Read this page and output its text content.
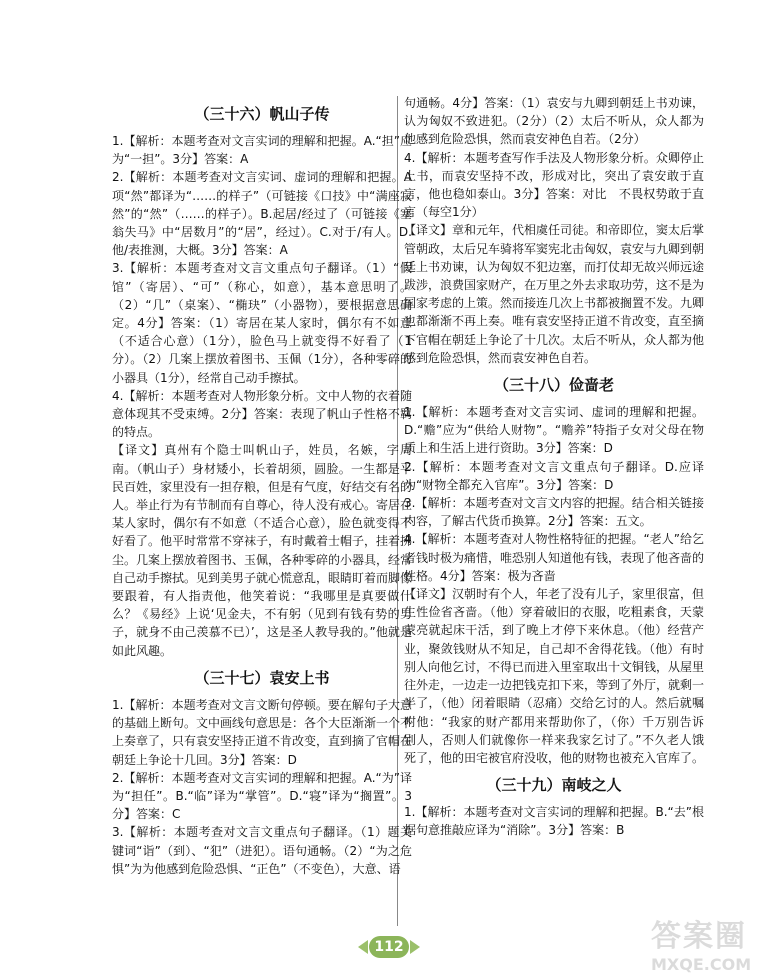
（三十六）帆山子传

1.【解析：本题考查对文言实词的理解和把握。A.“担”应为“一担”。3分】答案：A

2.【解析：本题考查对文言实词、虚词的理解和把握。A项“然”都译为“……的样子”（可链接《口技》中“满座寂然”的“然”（……的样子）。B.起居/经过了（可链接《塞翁失马》中“居数月”的“居”，经过）。C.对于/有人。D.他/表推测，大概。3分】答案：A

3.【解析：本题考查对文言文重点句子翻译。（1）“假馆”（寄居）、“可”（称心，如意），基本意思明了。（2）“几”（桌案）、“椭玦”（小器物），要根据意思确定。4分】答案：（1）寄居在某人家时，偶尔有不如意（不适合心意）（1分），脸色马上就变得不好看了（1分）。（2）几案上摆放着图书、玉佩（1分），各种零碎的小器具（1分），经常自己动手擦拭。

4.【解析：本题考查对人物形象分析。文中人物的衣着随意体现其不受束缚。2分】答案：表现了帆山子性格不羁的特点。

【译文】真州有个隐士叫帆山子，姓员，名嫉，字周南。（帆山子）身材矮小，长着胡须，圆脸。一生都是平民百姓，家里没有一担存粮，但是有气度，好结交有名的人。举止行为有节制而有自尊心，待人没有戒心。寄居在某人家时，偶尔有不如意（不适合心意），脸色就变得不好看了。他平时常常不穿袜子，有时戴着士帽子，挂着拂尘。几案上摆放着图书、玉佩，各种零碎的小器具，经常自己动手擦拭。见到美男子就心慌意乱，眼睛盯着而脚像要跟着，有人指责他，他笑着说：“我哪里是真要做什么？《易经》上说‘见金夫，不有躬（见到有钱有势的男子，就身不由己羡慕不已）’，这是圣人教导我的。”他就是如此风趣。

（三十七）袁安上书

1.【解析：本题考查对文言文断句停顿。要在解句子大意的基础上断句。文中画线句意思是：各个大臣渐渐一个不上奏章了，只有袁安坚持正道不肯改变，直到摘了官帽在朝廷上争论十几回。3分】答案：D

2.【解析：本题考查对文言实词的理解和把握。A.“为”译为“担任”。B.“临”译为“掌管”。D.“寝”译为“搁置”。3分】答案：C

3.【解析：本题考查对文言文重点句子翻译。（1）题关键词“诣”（到）、“犯”（进犯）。语句通畅。（2）“为之危惧”为为他感到危险恐惧、“正色”（不变色），大意、语

句通畅。4分】答案：（1）袁安与九卿到朝廷上书劝谏，认为匈奴不致进犯。（2分）（2）太后不听从，众人都为他感到危险恐惧，然而袁安神色自若。（2分）

4.【解析：本题考查写作手法及人物形象分析。众卿停止上书，而袁安坚持不改，形成对比，突出了袁安敢于直言，他也稳如泰山。3分】答案：对比　不畏权势敢于直言（每空1分）

【译文】章和元年，代相虞任司徒。和帝即位，窦太后掌管朝政，太后兄车骑将军窦宪北击匈奴，袁安与九卿到朝廷上书劝谏，认为匈奴不犯边塞，而打仗却无故兴师远途跋涉，浪费国家财产，在万里之外去求取功劳，这不是为国家考虑的上策。然而接连几次上书都被搁置不发。九卿也都渐渐不再上奏。唯有袁安坚持正道不肯改变，直至摘下官帽在朝廷上争论了十几次。太后不听从，众人都为他感到危险恐惧，然而袁安神色自若。

（三十八）俭啬老

1.【解析：本题考查对文言实词、虚词的理解和把握。D.“赡”应为“供给人财物”。“赡养”特指子女对父母在物质上和生活上进行资助。3分】答案：D

2.【解析：本题考查对文言文重点句子翻译。D.应译为“财物全都充入官库”。3分】答案：D

3.【解析：本题考查对文言文内容的把握。结合相关链接内容，了解古代货币换算。2分】答案：五文。

4.【解析：本题考查对人物性格特征的把握。“老人”给乞者钱时极为痛惜，唯恐别人知道他有钱，表现了他吝啬的性格。4分】答案：极为吝啬

【译文】汉朝时有个人，年老了没有儿子，家里很富，但生性俭省吝啬。（他）穿着破旧的衣服，吃粗素食，天蒙蒙亮就起床干活，到了晚上才停下来休息。（他）经营产业，聚敛钱财从不知足，自己却不舍得花钱。（他）有时别人向他乞讨，不得已而进入里室取出十文铜钱，从屋里往外走，一边走一边把钱克扣下来，等到了外厅，就剩一半了，（他）闭着眼睛（忍痛）交给乞讨的人。然后就嘱咐他：“我家的财产都用来帮助你了，（你）千万别告诉别人，否则人们就像你一样来我家乞讨了。”不久老人饿死了，他的田宅被官府没收，他的财物也被充入官库了。

（三十九）南岐之人

1.【解析：本题考查对文言实词的理解和把握。B.“去”根据句意推敲应译为“消除”。3分】答案：B

112	答案圈
MXQE.COM
